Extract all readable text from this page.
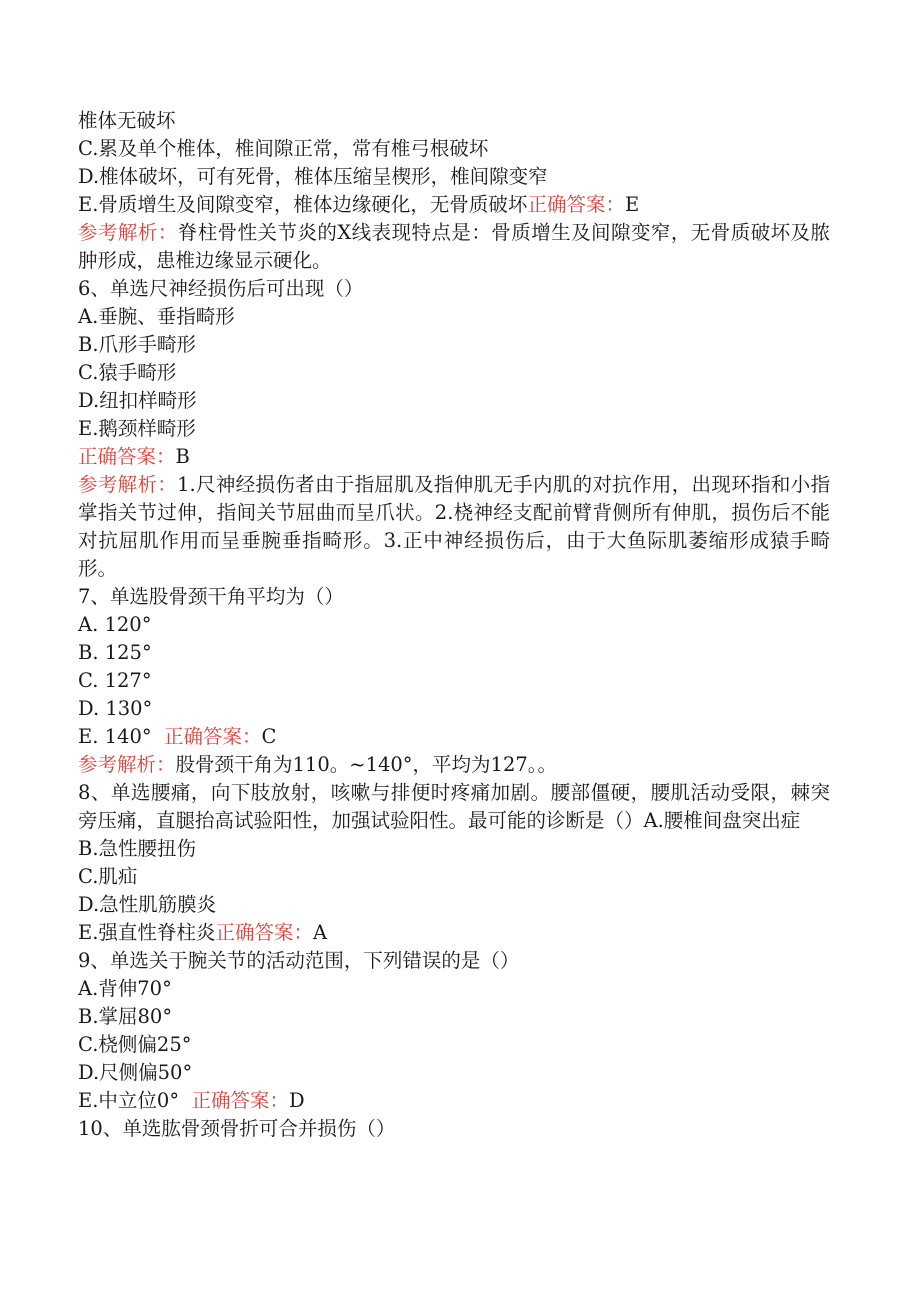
椎体无破坏
C.累及单个椎体，椎间隙正常，常有椎弓根破坏
D.椎体破坏，可有死骨，椎体压缩呈楔形，椎间隙变窄
E.骨质增生及间隙变窄，椎体边缘硬化，无骨质破坏正确答案：E
参考解析：脊柱骨性关节炎的X线表现特点是：骨质增生及间隙变窄，无骨质破坏及脓肿形成，患椎边缘显示硬化。
6、单选尺神经损伤后可出现（）
A.垂腕、垂指畸形
B.爪形手畸形
C.猿手畸形
D.纽扣样畸形
E.鹅颈样畸形
正确答案：B
参考解析：1.尺神经损伤者由于指屈肌及指伸肌无手内肌的对抗作用，出现环指和小指掌指关节过伸，指间关节屈曲而呈爪状。2.桡神经支配前臂背侧所有伸肌，损伤后不能对抗屈肌作用而呈垂腕垂指畸形。3.正中神经损伤后，由于大鱼际肌萎缩形成猿手畸形。
7、单选股骨颈干角平均为（）
A. 120°
B. 125°
C. 127°
D. 130°
E. 140° 正确答案：C
参考解析：股骨颈干角为110。~140°，平均为127。。
8、单选腰痛，向下肢放射，咳嗽与排便时疼痛加剧。腰部僵硬，腰肌活动受限，棘突旁压痛，直腿抬高试验阳性，加强试验阳性。最可能的诊断是（）A.腰椎间盘突出症
B.急性腰扭伤
C.肌疝
D.急性肌筋膜炎
E.强直性脊柱炎正确答案：A
9、单选关于腕关节的活动范围，下列错误的是（）
A.背伸70°
B.掌屈80°
C.桡侧偏25°
D.尺侧偏50°
E.中立位0° 正确答案：D
10、单选肱骨颈骨折可合并损伤（）
